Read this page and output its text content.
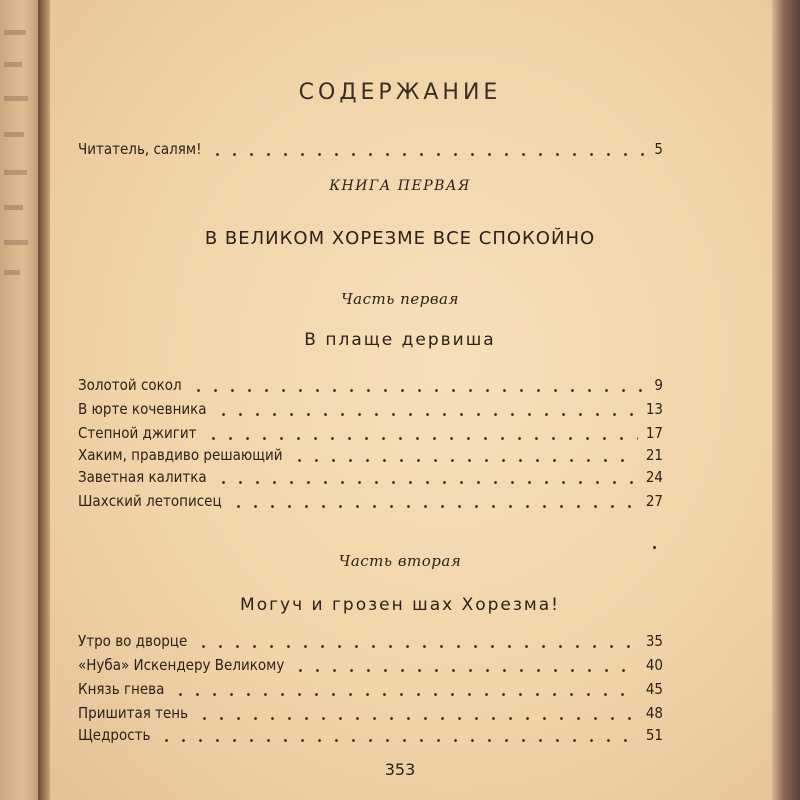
СОДЕРЖАНИЕ
Читатель, салям!	5
КНИГА ПЕРВАЯ
В ВЕЛИКОМ ХОРЕЗМЕ ВСЕ СПОКОЙНО
Часть первая
В плаще дервиша
Золотой сокол	9
В юрте кочевника	13
Степной джигит	17
Хаким, правдиво решающий	21
Заветная калитка	24
Шахский летописец	27
Часть вторая
Могуч и грозен шах Хорезма!
Утро во дворце	35
«Нуба» Искендеру Великому	40
Князь гнева	45
Пришитая тень	48
Щедрость	51
353
